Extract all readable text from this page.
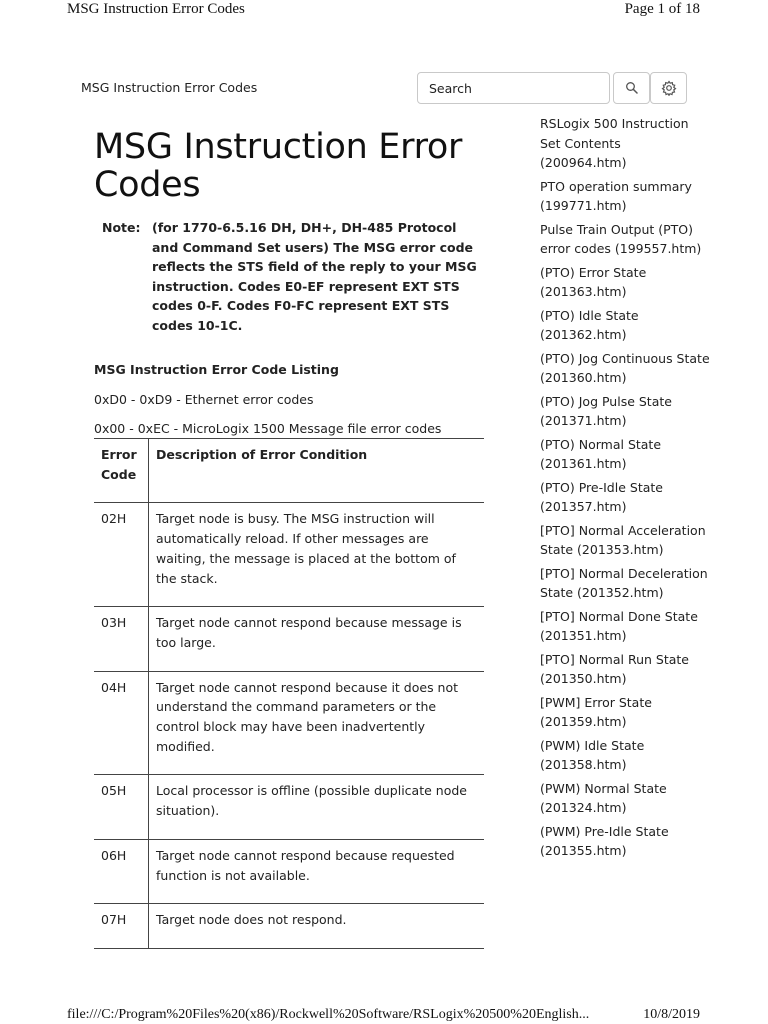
MSG Instruction Error Codes	Page 1 of 18
MSG Instruction Error Codes
Search
MSG Instruction Error Codes
Note: (for 1770-6.5.16 DH, DH+, DH-485 Protocol and Command Set users) The MSG error code reflects the STS field of the reply to your MSG instruction. Codes E0-EF represent EXT STS codes 0-F. Codes F0-FC represent EXT STS codes 10-1C.
MSG Instruction Error Code Listing
0xD0 - 0xD9 - Ethernet error codes
0x00 - 0xEC - MicroLogix 1500 Message file error codes
Error Code	Description of Error Condition
02H	Target node is busy. The MSG instruction will automatically reload. If other messages are waiting, the message is placed at the bottom of the stack.
03H	Target node cannot respond because message is too large.
04H	Target node cannot respond because it does not understand the command parameters or the control block may have been inadvertently modified.
05H	Local processor is offline (possible duplicate node situation).
06H	Target node cannot respond because requested function is not available.
07H	Target node does not respond.
RSLogix 500 Instruction Set Contents (200964.htm)
PTO operation summary (199771.htm)
Pulse Train Output (PTO) error codes (199557.htm)
(PTO) Error State (201363.htm)
(PTO) Idle State (201362.htm)
(PTO) Jog Continuous State (201360.htm)
(PTO) Jog Pulse State (201371.htm)
(PTO) Normal State (201361.htm)
(PTO) Pre-Idle State (201357.htm)
[PTO] Normal Acceleration State (201353.htm)
[PTO] Normal Deceleration State (201352.htm)
[PTO] Normal Done State (201351.htm)
[PTO] Normal Run State (201350.htm)
[PWM] Error State (201359.htm)
(PWM) Idle State (201358.htm)
(PWM) Normal State (201324.htm)
(PWM) Pre-Idle State (201355.htm)
file:///C:/Program%20Files%20(x86)/Rockwell%20Software/RSLogix%20500%20English...	10/8/2019
